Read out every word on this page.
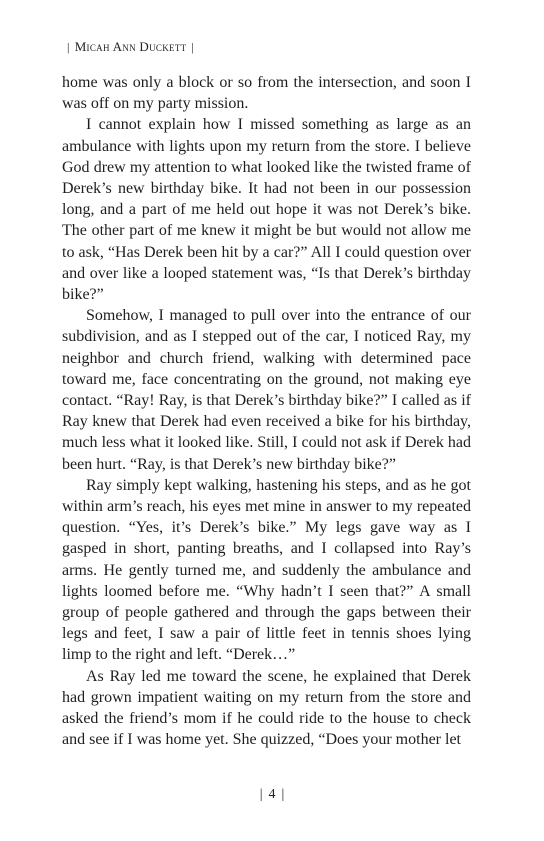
| Micah Ann Duckett |

home was only a block or so from the intersection, and soon I was off on my party mission.

I cannot explain how I missed something as large as an ambulance with lights upon my return from the store. I believe God drew my attention to what looked like the twisted frame of Derek’s new birthday bike. It had not been in our possession long, and a part of me held out hope it was not Derek’s bike. The other part of me knew it might be but would not allow me to ask, “Has Derek been hit by a car?” All I could question over and over like a looped statement was, “Is that Derek’s birthday bike?”

Somehow, I managed to pull over into the entrance of our subdivision, and as I stepped out of the car, I noticed Ray, my neighbor and church friend, walking with determined pace toward me, face concentrating on the ground, not making eye contact. “Ray! Ray, is that Derek’s birthday bike?” I called as if Ray knew that Derek had even received a bike for his birthday, much less what it looked like. Still, I could not ask if Derek had been hurt. “Ray, is that Derek’s new birthday bike?”

Ray simply kept walking, hastening his steps, and as he got within arm’s reach, his eyes met mine in answer to my repeated question. “Yes, it’s Derek’s bike.” My legs gave way as I gasped in short, panting breaths, and I collapsed into Ray’s arms. He gently turned me, and suddenly the ambulance and lights loomed before me. “Why hadn’t I seen that?” A small group of people gathered and through the gaps between their legs and feet, I saw a pair of little feet in tennis shoes lying limp to the right and left. “Derek…”

As Ray led me toward the scene, he explained that Derek had grown impatient waiting on my return from the store and asked the friend’s mom if he could ride to the house to check and see if I was home yet. She quizzed, “Does your mother let

| 4 |
